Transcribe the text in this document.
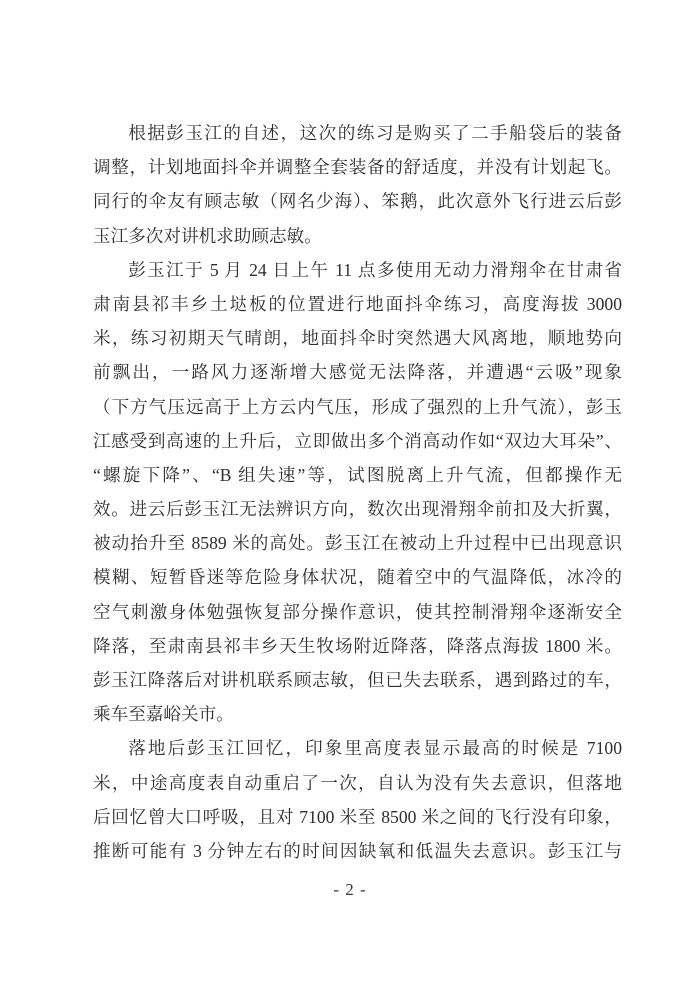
根据彭玉江的自述，这次的练习是购买了二手船袋后的装备
调整，计划地面抖伞并调整全套装备的舒适度，并没有计划起飞。
同行的伞友有顾志敏（网名少海）、笨鹅，此次意外飞行进云后彭
玉江多次对讲机求助顾志敏。
彭玉江于 5 月 24 日上午 11 点多使用无动力滑翔伞在甘肃省
肃南县祁丰乡土垯板的位置进行地面抖伞练习，高度海拔 3000
米，练习初期天气晴朗，地面抖伞时突然遇大风离地，顺地势向
前飘出，一路风力逐渐增大感觉无法降落，并遭遇“云吸”现象
（下方气压远高于上方云内气压，形成了强烈的上升气流），彭玉
江感受到高速的上升后，立即做出多个消高动作如“双边大耳朵”、
“螺旋下降”、“B 组失速”等，试图脱离上升气流，但都操作无
效。进云后彭玉江无法辨识方向，数次出现滑翔伞前扣及大折翼，
被动抬升至 8589 米的高处。彭玉江在被动上升过程中已出现意识
模糊、短暂昏迷等危险身体状况，随着空中的气温降低，冰冷的
空气刺激身体勉强恢复部分操作意识，使其控制滑翔伞逐渐安全
降落，至肃南县祁丰乡天生牧场附近降落，降落点海拔 1800 米。
彭玉江降落后对讲机联系顾志敏，但已失去联系，遇到路过的车，
乘车至嘉峪关市。
落地后彭玉江回忆，印象里高度表显示最高的时候是 7100
米，中途高度表自动重启了一次，自认为没有失去意识，但落地
后回忆曾大口呼吸，且对 7100 米至 8500 米之间的飞行没有印象，
推断可能有 3 分钟左右的时间因缺氧和低温失去意识。彭玉江与
- 2 -
